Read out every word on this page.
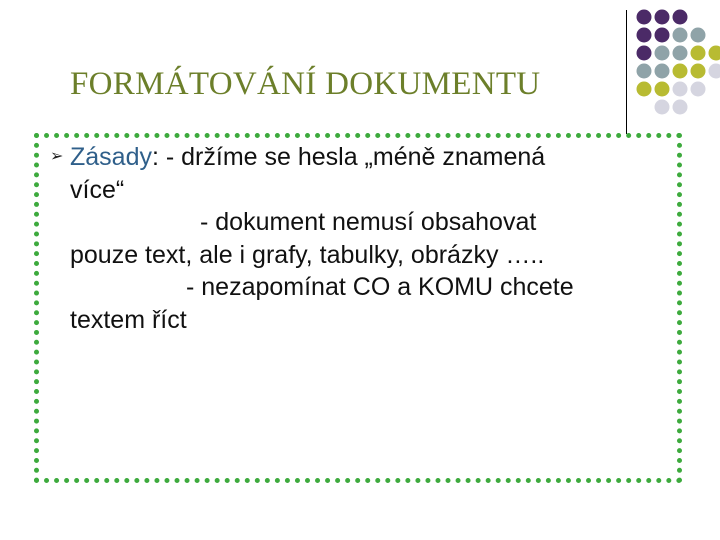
FORMÁTOVÁNÍ DOKUMENTU
➢ Zásady: - držíme se hesla „méně znamená
více“
- dokument nemusí obsahovat
pouze text, ale i grafy, tabulky, obrázky …..
- nezapomínat CO a KOMU chcete
textem říct
